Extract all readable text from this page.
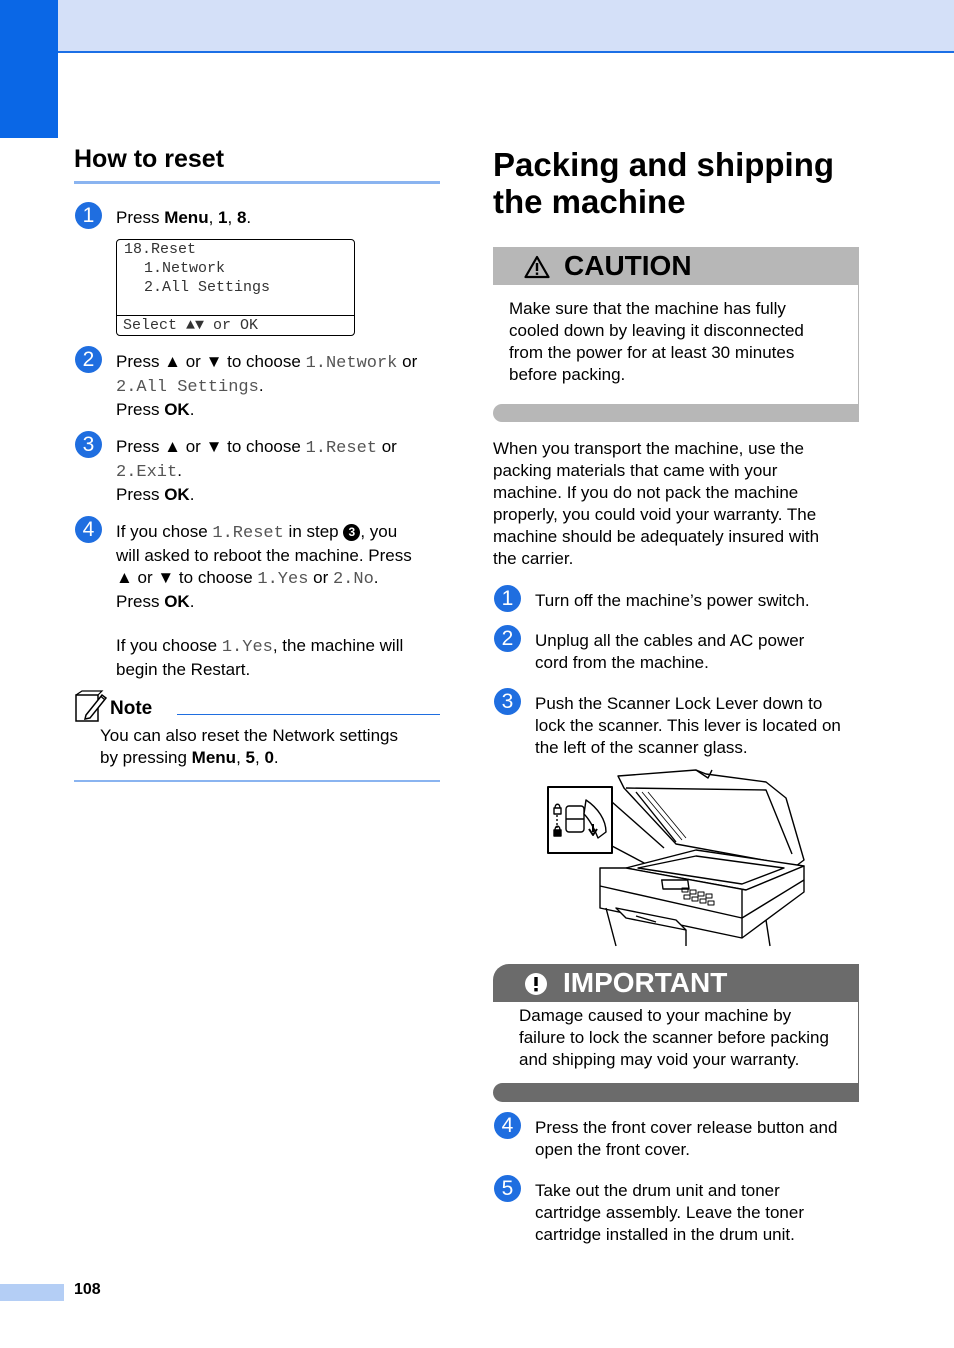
How to reset
1	Press Menu, 1, 8.
18.Reset
1.Network
2.All Settings
Select ▲▼ or OK
2	Press ▲ or ▼ to choose 1.Network or
2.All Settings.
Press OK.
3	Press ▲ or ▼ to choose 1.Reset or
2.Exit.
Press OK.
4	If you chose 1.Reset in step 3 , you
will asked to reboot the machine. Press
▲ or ▼ to choose 1.Yes or 2.No.
Press OK.
If you choose 1.Yes, the machine will
begin the Restart.
Note
You can also reset the Network settings
by pressing Menu, 5, 0.
Packing and shipping
the machine
CAUTION
Make sure that the machine has fully
cooled down by leaving it disconnected
from the power for at least 30 minutes
before packing.
When you transport the machine, use the
packing materials that came with your
machine. If you do not pack the machine
properly, you could void your warranty. The
machine should be adequately insured with
the carrier.
1	Turn off the machine’s power switch.
2	Unplug all the cables and AC power
cord from the machine.
3	Push the Scanner Lock Lever down to
lock the scanner. This lever is located on
the left of the scanner glass.
IMPORTANT
Damage caused to your machine by
failure to lock the scanner before packing
and shipping may void your warranty.
4	Press the front cover release button and
open the front cover.
5	Take out the drum unit and toner
cartridge assembly. Leave the toner
cartridge installed in the drum unit.
108
